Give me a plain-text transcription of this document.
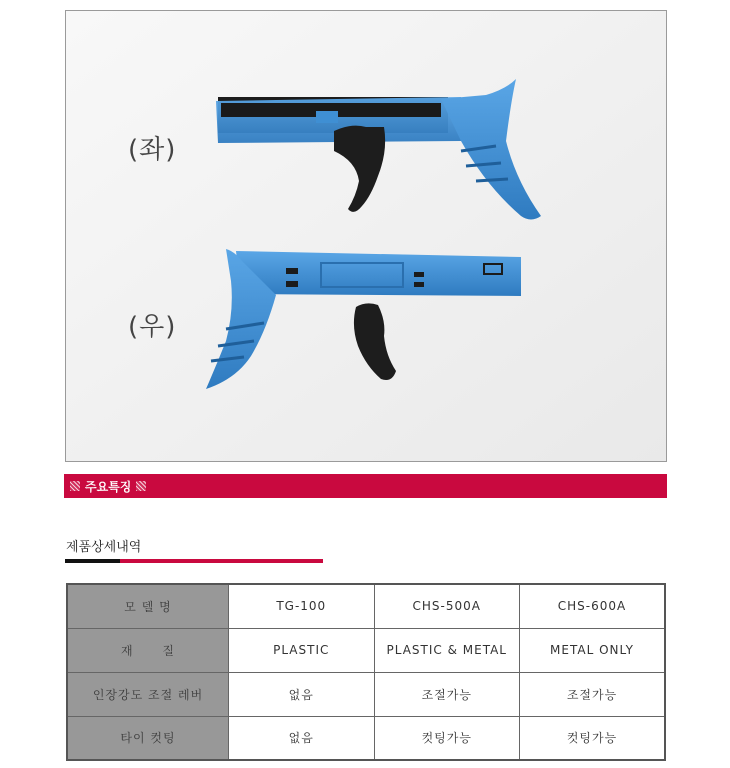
(좌)
(우)
주요특징
제품상세내역
모 델 명	TG-100	CHS-500A	CHS-600A
재      질	PLASTIC	PLASTIC & METAL	METAL ONLY
인장강도 조절 레버	없음	조절가능	조절가능
타이 컷팅	없음	컷팅가능	컷팅가능
